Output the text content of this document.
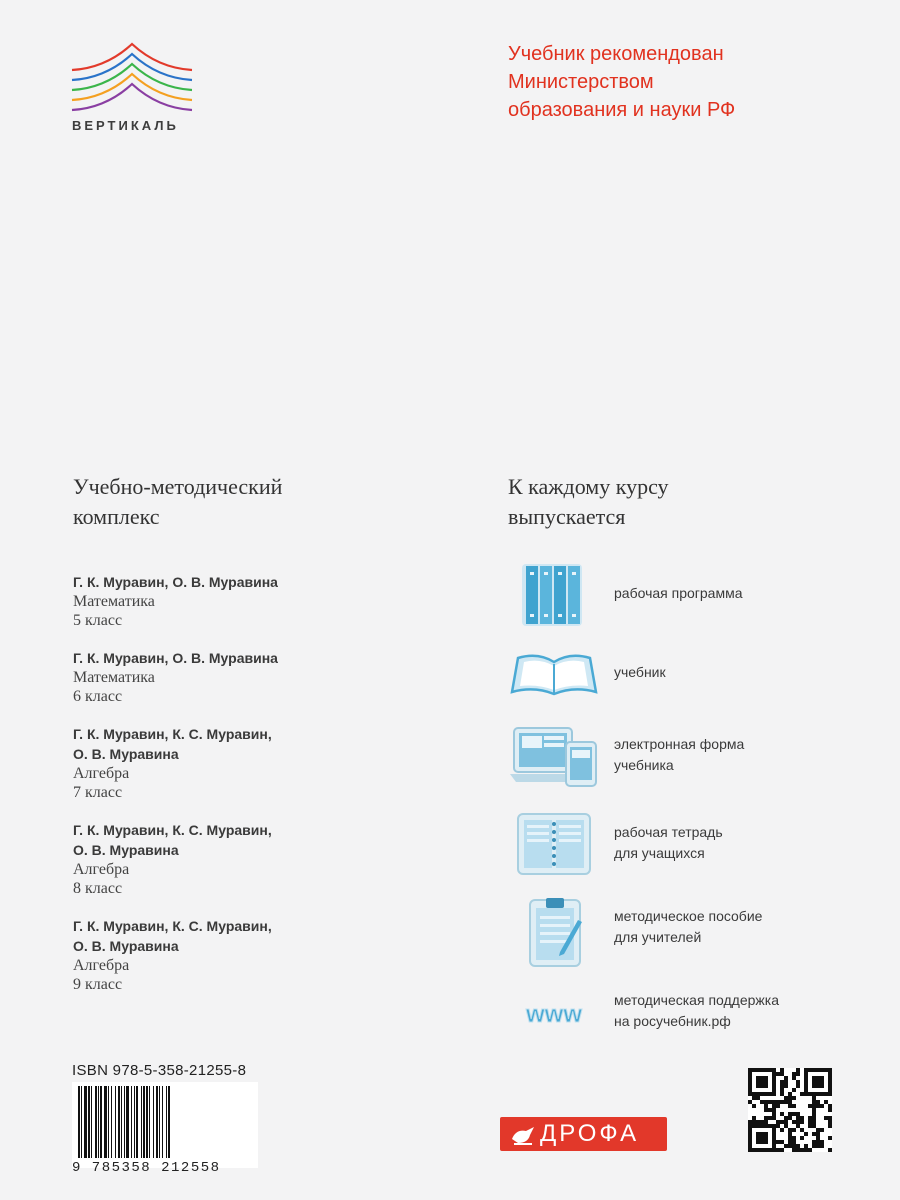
ВЕРТИКАЛЬ
Учебник рекомендован
Министерством
образования и науки РФ
Учебно-методический
комплекс
Г. К. Муравин, О. В. Муравина
Математика
5 класс
Г. К. Муравин, О. В. Муравина
Математика
6 класс
Г. К. Муравин, К. С. Муравин,
О. В. Муравина
Алгебра
7 класс
Г. К. Муравин, К. С. Муравин,
О. В. Муравина
Алгебра
8 класс
Г. К. Муравин, К. С. Муравин,
О. В. Муравина
Алгебра
9 класс
К каждому курсу
выпускается
рабочая программа
учебник
электронная форма
учебника
рабочая тетрадь
для учащихся
методическое пособие
для учителей
www
методическая поддержка
на росучебник.рф
ISBN 978-5-358-21255-8
9 785358 212558
ДРОФА
